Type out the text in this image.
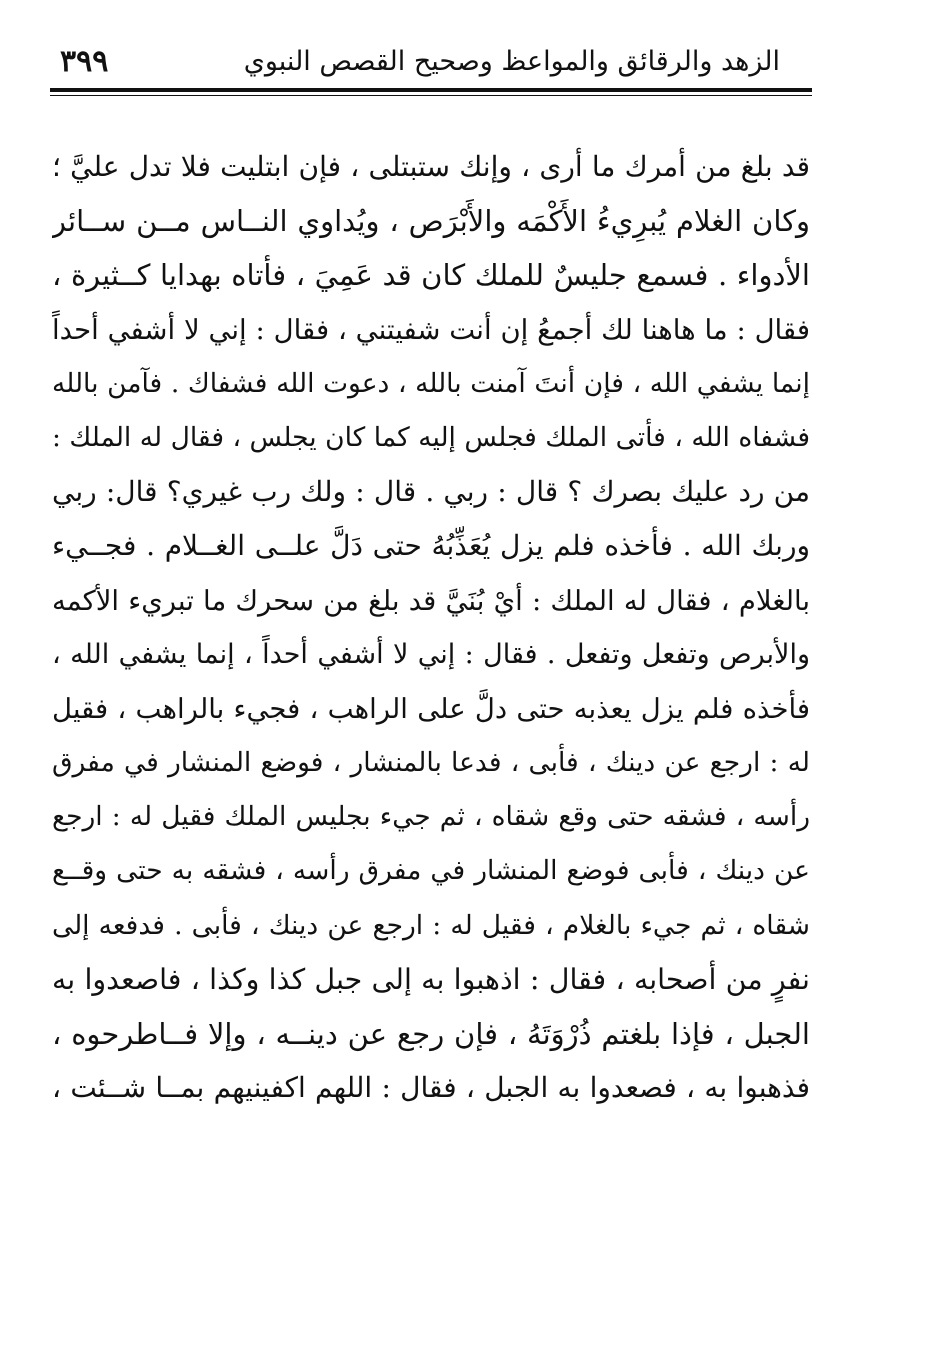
الزهد والرقائق والمواعظ وصحيح القصص النبوي
٣٩٩
قد بلغ من أمرك ما أرى ، وإنك ستبتلى ، فإن ابتليت فلا تدل عليَّ ؛
وكان الغلام يُبرِيءُ الأَكْمَه والأَبْرَص ، ويُداوي النــاس مــن ســائر
الأدواء . فسمع جليسٌ للملك كان قد عَمِيَ ، فأتاه بهدايا كــثيرة ،
فقال : ما هاهنا لك أجمعُ إن أنت شفيتني ، فقال : إني لا أشفي أحداً
إنما يشفي الله ، فإن أنتَ آمنت بالله ، دعوت الله فشفاك . فآمن بالله
فشفاه الله ، فأتى الملك فجلس إليه كما كان يجلس ، فقال له الملك :
من رد عليك بصرك ؟ قال : ربي . قال : ولك رب غيري؟ قال: ربي
وربك الله . فأخذه فلم يزل يُعَذِّبُهُ حتى دَلَّ علــى الغــلام . فجــيء
بالغلام ، فقال له الملك : أيْ بُنَيَّ قد بلغ من سحرك ما تبريء الأكمه
والأبرص وتفعل وتفعل . فقال : إني لا أشفي أحداً ، إنما يشفي الله ،
فأخذه فلم يزل يعذبه حتى دلَّ على الراهب ، فجيء بالراهب ، فقيل
له : ارجع عن دينك ، فأبى ، فدعا بالمنشار ، فوضع المنشار في مفرق
رأسه ، فشقه حتى وقع شقاه ، ثم جيء بجليس الملك فقيل له : ارجع
عن دينك ، فأبى فوضع المنشار في مفرق رأسه ، فشقه به حتى وقــع
شقاه ، ثم جيء بالغلام ، فقيل له : ارجع عن دينك ، فأبى . فدفعه إلى
نفرٍ من أصحابه ، فقال : اذهبوا به إلى جبل كذا وكذا ، فاصعدوا به
الجبل ، فإذا بلغتم ذُرْوَتَهُ ، فإن رجع عن دينــه ، وإلا فــاطرحوه ،
فذهبوا به ، فصعدوا به الجبل ، فقال : اللهم اكفينيهم بمــا شــئت ،
